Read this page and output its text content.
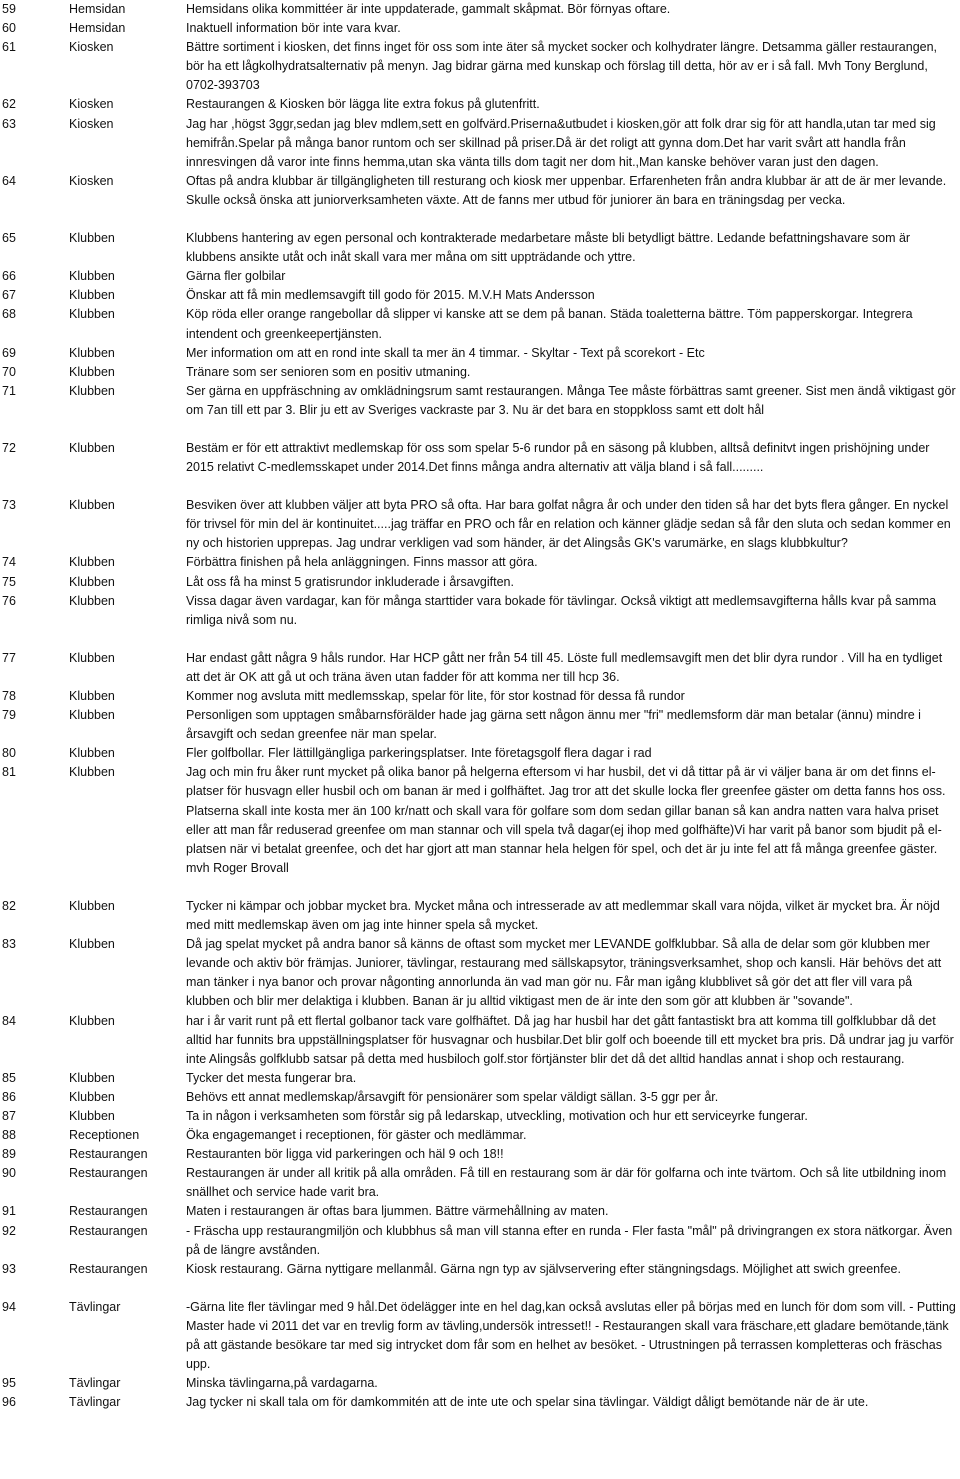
59	Hemsidan	Hemsidans olika kommittéer är inte uppdaterade, gammalt skåpmat. Bör förnyas oftare.
60	Hemsidan	Inaktuell information bör inte vara kvar.
61	Kiosken	Bättre sortiment i kiosken, det finns inget för oss som inte äter så mycket socker och kolhydrater längre. Detsamma gäller restaurangen, bör ha ett lågkolhydratsalternativ på menyn. Jag bidrar gärna med kunskap och förslag till detta, hör av er i så fall. Mvh Tony Berglund, 0702-393703
62	Kiosken	Restaurangen & Kiosken bör lägga lite extra fokus på glutenfritt.
63	Kiosken	Jag har ,högst 3ggr,sedan jag blev mdlem,sett en golfvärd.Priserna&utbudet i kiosken,gör att folk drar sig för att handla,utan tar med sig hemifrån.Spelar på många banor runtom och ser skillnad på priser.Då är det roligt att gynna dom.Det har varit svårt att handla från innresvingen då varor inte finns hemma,utan ska vänta tills dom tagit ner dom hit.,Man kanske behöver varan just den dagen.
64	Kiosken	Oftas på andra klubbar är tillgängligheten till resturang och kiosk mer uppenbar. Erfarenheten från andra klubbar är att de är mer levande. Skulle också önska att juniorverksamheten växte. Att de fanns mer utbud för juniorer än bara en träningsdag per vecka.
65	Klubben	Klubbens hantering av egen personal och kontrakterade medarbetare måste bli betydligt bättre. Ledande befattningshavare som är klubbens ansikte utåt och inåt skall vara mer måna om sitt uppträdande och yttre.
66	Klubben	Gärna fler golbilar
67	Klubben	Önskar att få min medlemsavgift till godo för 2015. M.V.H Mats Andersson
68	Klubben	Köp röda eller orange rangebollar då slipper vi kanske att se dem på banan. Städa toaletterna bättre. Töm papperskorgar. Integrera intendent och greenkeepertjänsten.
69	Klubben	Mer information om att en rond inte skall ta mer än 4 timmar. - Skyltar - Text på scorekort - Etc
70	Klubben	Tränare som ser senioren som en positiv utmaning.
71	Klubben	Ser gärna en uppfräschning av omklädningsrum samt restaurangen. Många Tee måste förbättras samt greener. Sist men ändå viktigast gör om 7an till ett par 3. Blir ju ett av Sveriges vackraste par 3. Nu är det bara en stoppkloss samt ett dolt hål
72	Klubben	Bestäm er för ett attraktivt medlemskap för oss som spelar 5-6 rundor på en säsong på klubben, alltså definitvt ingen prishöjning under 2015 relativt C-medlemsskapet under 2014.Det finns många andra alternativ att välja bland i så fall.........
73	Klubben	Besviken över att klubben väljer att byta PRO så ofta. Har bara golfat några år och under den tiden så har det byts flera gånger. En nyckel för trivsel för min del är kontinuitet.....jag träffar en PRO och får en relation och känner glädje sedan så får den sluta och sedan kommer en ny och historien upprepas. Jag undrar verkligen vad som händer, är det Alingsås GK's varumärke, en slags klubbkultur?
74	Klubben	Förbättra finishen på hela anläggningen. Finns massor att göra.
75	Klubben	Låt oss få ha minst 5 gratisrundor inkluderade i årsavgiften.
76	Klubben	Vissa dagar även vardagar, kan för många starttider vara bokade för tävlingar. Också viktigt att medlemsavgifterna hålls kvar på samma rimliga nivå som nu.
77	Klubben	Har endast gått några 9 håls rundor. Har HCP gått ner från 54 till 45. Löste full medlemsavgift men det blir dyra rundor . Vill ha en tydliget att det är OK att gå ut och träna även utan fadder för att komma ner till hcp 36.
78	Klubben	Kommer nog avsluta mitt medlemsskap, spelar för lite, för stor kostnad för dessa få rundor
79	Klubben	Personligen som upptagen småbarnsförälder hade jag gärna sett någon ännu mer "fri" medlemsform där man betalar (ännu) mindre i årsavgift och sedan greenfee när man spelar.
80	Klubben	Fler golfbollar. Fler lättillgängliga parkeringsplatser. Inte företagsgolf flera dagar i rad
81	Klubben	Jag och min fru åker runt mycket på olika banor på helgerna eftersom vi har husbil, det vi då tittar på är vi väljer bana är om det finns el-platser för husvagn eller husbil och om banan är med i golfhäftet. Jag tror att det skulle locka fler greenfee gäster om detta fanns hos oss. Platserna skall inte kosta mer än 100 kr/natt och skall vara för golfare som dom sedan gillar banan så kan andra natten vara halva priset eller att man får reduserad greenfee om man stannar och vill spela två dagar(ej ihop med golfhäfte)Vi har varit på banor som bjudit på el-platsen när vi betalat greenfee, och det har gjort att man stannar hela helgen för spel, och det är ju inte fel att få många greenfee gäster. mvh Roger Brovall
82	Klubben	Tycker ni kämpar och jobbar mycket bra. Mycket måna och intresserade av att medlemmar skall vara nöjda, vilket är mycket bra. Är nöjd med mitt medlemskap även om jag inte hinner spela så mycket.
83	Klubben	Då jag spelat mycket på andra banor så känns de oftast som mycket mer LEVANDE golfklubbar. Så alla de delar som gör klubben mer levande och aktiv bör främjas. Juniorer, tävlingar, restaurang med sällskapsytor, träningsverksamhet, shop och kansli. Här behövs det att man tänker i nya banor och provar någonting annorlunda än vad man gör nu. Får man igång klubblivet så gör det att fler vill vara på klubben och blir mer delaktiga i klubben. Banan är ju alltid viktigast men de är inte den som gör att klubben är "sovande".
84	Klubben	har i år varit runt på ett flertal golbanor tack vare golfhäftet. Då jag har husbil har det gått fantastiskt bra att komma till golfklubbar då det alltid har funnits bra uppställningsplatser för husvagnar och husbilar.Det blir golf och boeende till ett mycket bra pris. Då undrar jag ju varför inte Alingsås golfklubb satsar på detta med husbiloch golf.stor förtjänster blir det då det alltid handlas annat i shop och restaurang.
85	Klubben	Tycker det mesta fungerar bra.
86	Klubben	Behövs ett annat medlemskap/årsavgift för pensionärer som spelar väldigt sällan. 3-5 ggr per år.
87	Klubben	Ta in någon i verksamheten som förstår sig på ledarskap, utveckling, motivation och hur ett serviceyrke fungerar.
88	Receptionen	Öka engagemanget i receptionen, för gäster och medlämmar.
89	Restaurangen	Restauranten bör ligga vid parkeringen och häl 9 och 18!!
90	Restaurangen	Restaurangen är under all kritik på alla områden. Få till en restaurang som är där för golfarna och inte tvärtom. Och så lite utbildning inom snällhet och service hade varit bra.
91	Restaurangen	Maten i restaurangen är oftas bara ljummen. Bättre värmehållning av maten.
92	Restaurangen	- Fräscha upp restaurangmiljön och klubbhus så man vill stanna efter en runda - Fler fasta "mål" på drivingrangen ex stora nätkorgar. Även på de längre avstånden.
93	Restaurangen	Kiosk restaurang. Gärna nyttigare mellanmål. Gärna ngn typ av självservering efter stängningsdags. Möjlighet att swich greenfee.
94	Tävlingar	-Gärna lite fler tävlingar med 9 hål.Det ödelägger inte en hel dag,kan också avslutas eller på börjas med en lunch för dom som vill. - Putting Master hade vi 2011 det var en trevlig form av tävling,undersök intresset!! - Restaurangen skall vara fräschare,ett gladare bemötande,tänk på att gästande besökare tar med sig intrycket dom får som en helhet av besöket. - Utrustningen på terrassen kompletteras och fräschas upp.
95	Tävlingar	Minska tävlingarna,på vardagarna.
96	Tävlingar	Jag tycker ni skall tala om för damkommitén att de inte ute och spelar sina tävlingar. Väldigt dåligt bemötande när de är ute.
